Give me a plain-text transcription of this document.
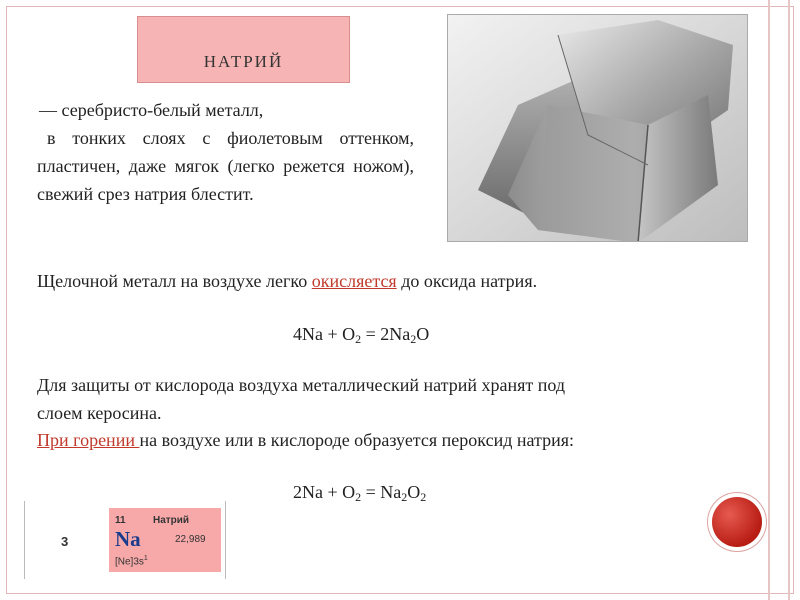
НАТРИЙ

— серебристо-белый металл,

в тонких слоях с фиолетовым оттенком, пластичен, даже мягок (легко режется ножом), свежий срез натрия блестит.

Щелочной металл на воздухе легко окисляется до оксида натрия.
$4Na + O_2 = 2Na_2O$
Для защиты от кислорода воздуха металлический натрий хранят под
слоем керосина.
При горении на воздухе или в кислороде образуется пероксид натрия:
$2Na + O_2 = Na_2O_2$
3
11	Натрий
Na	22,989
$[Ne]3s^1$
